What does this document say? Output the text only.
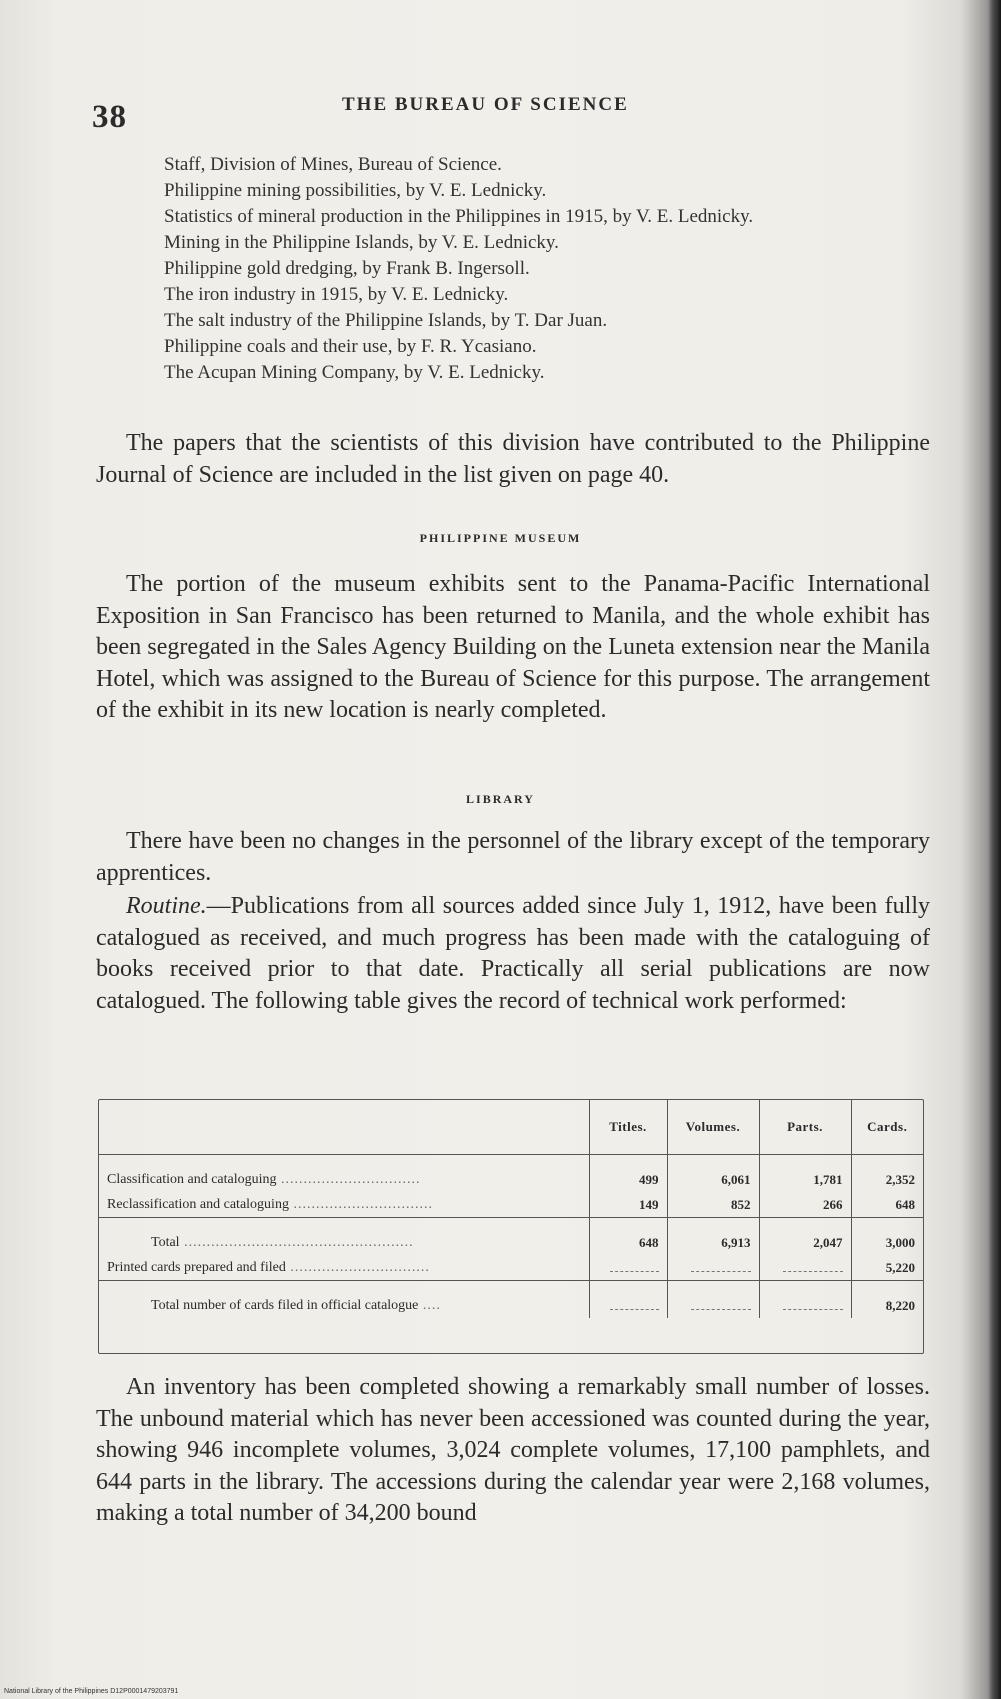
38	THE BUREAU OF SCIENCE
Staff, Division of Mines, Bureau of Science.
Philippine mining possibilities, by V. E. Lednicky.
Statistics of mineral production in the Philippines in 1915, by V. E. Lednicky.
Mining in the Philippine Islands, by V. E. Lednicky.
Philippine gold dredging, by Frank B. Ingersoll.
The iron industry in 1915, by V. E. Lednicky.
The salt industry of the Philippine Islands, by T. Dar Juan.
Philippine coals and their use, by F. R. Ycasiano.
The Acupan Mining Company, by V. E. Lednicky.

The papers that the scientists of this division have contributed to the Philippine Journal of Science are included in the list given on page 40.

PHILIPPINE MUSEUM

The portion of the museum exhibits sent to the Panama-Pacific International Exposition in San Francisco has been returned to Manila, and the whole exhibit has been segregated in the Sales Agency Building on the Luneta extension near the Manila Hotel, which was assigned to the Bureau of Science for this purpose. The arrangement of the exhibit in its new location is nearly completed.

LIBRARY

There have been no changes in the personnel of the library except of the temporary apprentices.

Routine.—Publications from all sources added since July 1, 1912, have been fully catalogued as received, and much progress has been made with the cataloguing of books received prior to that date. Practically all serial publications are now catalogued. The following table gives the record of technical work performed:

	Titles.	Volumes.	Parts.	Cards.
Classification and cataloguing ...............................	499	6,061	1,781	2,352
Reclassification and cataloguing ...............................	149	852	266	648
Total ...................................................	648	6,913	2,047	3,000
Printed cards prepared and filed ...............................				5,220
Total number of cards filed in official catalogue ....				8,220

An inventory has been completed showing a remarkably small number of losses. The unbound material which has never been accessioned was counted during the year, showing 946 incomplete volumes, 3,024 complete volumes, 17,100 pamphlets, and 644 parts in the library. The accessions during the calendar year were 2,168 volumes, making a total number of 34,200 bound

National Library of the Philippines D12P0001479203791
